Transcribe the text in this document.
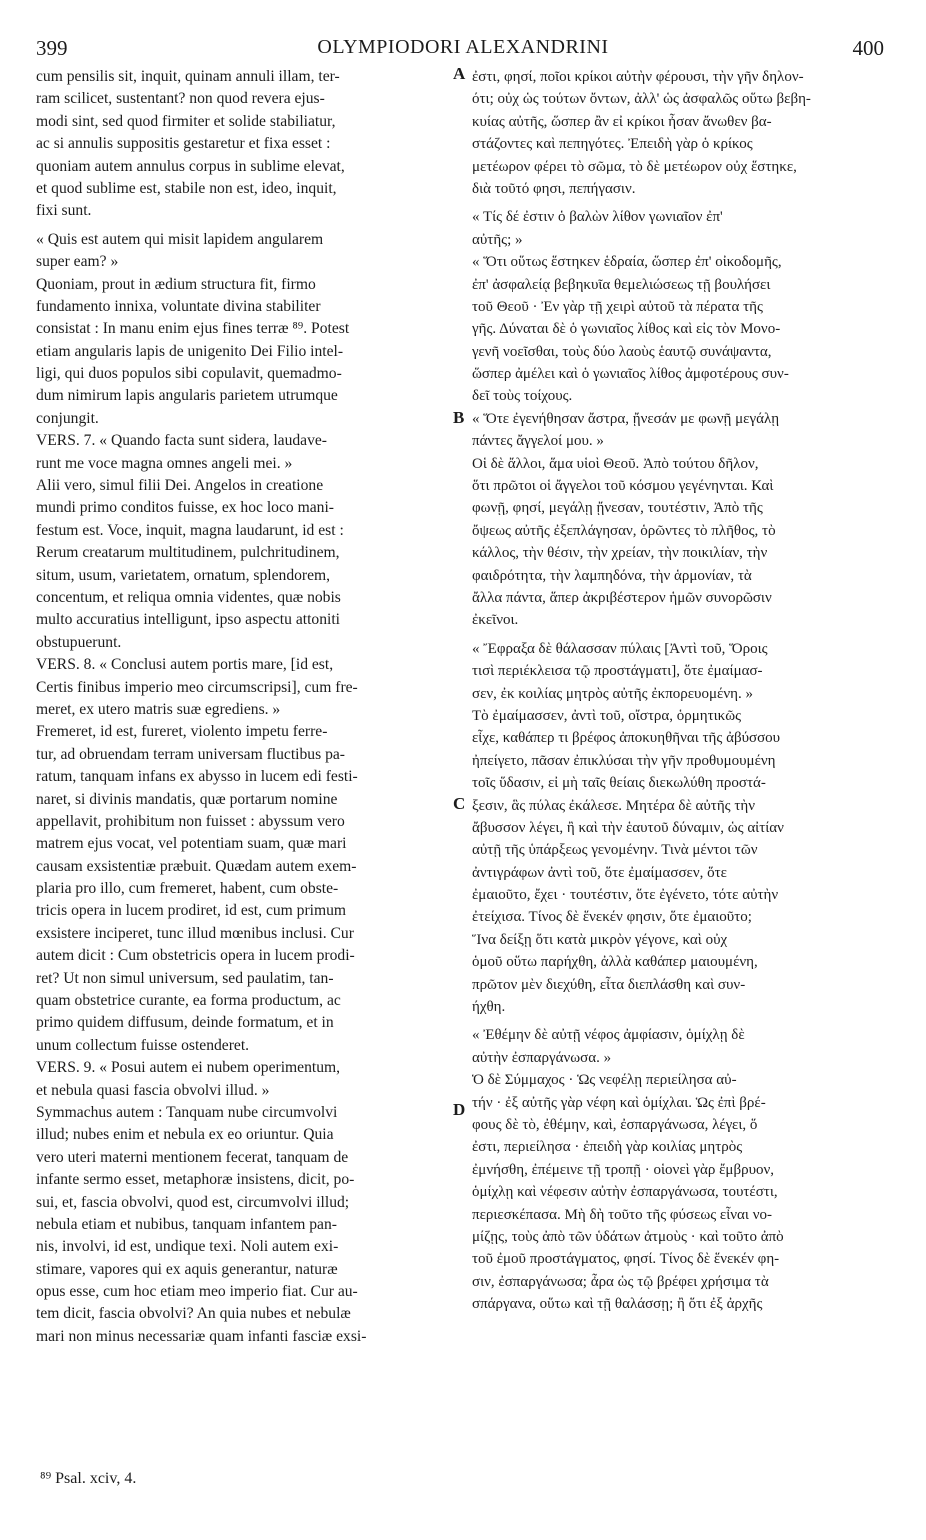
399	OLYMPIODORI ALEXANDRINI	400
cum pensilis sit, inquit, quinam annuli illam, ter-
ram scilicet, sustentant? non quod revera ejus-
modi sint, sed quod firmiter et solide stabiliatur,
ac si annulis suppositis gestaretur et fixa esset :
quoniam autem annulus corpus in sublime elevat,
et quod sublime est, stabile non est, ideo, inquit,
fixi sunt.
« Quis est autem qui misit lapidem angularem
super eam? »
Quoniam, prout in ædium structura fit, firmo
fundamento innixa, voluntate divina stabiliter
consistat : In manu enim ejus fines terræ ⁸⁹. Potest
etiam angularis lapis de unigenito Dei Filio intel-
ligi, qui duos populos sibi copulavit, quemadmo-
dum nimirum lapis angularis parietem utrumque
conjungit.
VERS. 7. « Quando facta sunt sidera, laudave-
runt me voce magna omnes angeli mei. »
Alii vero, simul filii Dei. Angelos in creatione
mundi primo conditos fuisse, ex hoc loco mani-
festum est. Voce, inquit, magna laudarunt, id est :
Rerum creatarum multitudinem, pulchritudinem,
situm, usum, varietatem, ornatum, splendorem,
concentum, et reliqua omnia videntes, quæ nobis
multo accuratius intelligunt, ipso aspectu attoniti
obstupuerunt.
VERS. 8. « Conclusi autem portis mare, [id est,
Certis finibus imperio meo circumscripsi], cum fre-
meret, ex utero matris suæ egrediens. »
Fremeret, id est, fureret, violento impetu ferre-
tur, ad obruendam terram universam fluctibus pa-
ratum, tanquam infans ex abysso in lucem edi festi-
naret, si divinis mandatis, quæ portarum nomine
appellavit, prohibitum non fuisset : abyssum vero
matrem ejus vocat, vel potentiam suam, quæ mari
causam exsistentiæ præbuit. Quædam autem exem-
plaria pro illo, cum fremeret, habent, cum obste-
tricis opera in lucem prodiret, id est, cum primum
exsistere inciperet, tunc illud mœnibus inclusi. Cur
autem dicit : Cum obstetricis opera in lucem prodi-
ret? Ut non simul universum, sed paulatim, tan-
quam obstetrice curante, ea forma productum, ac
primo quidem diffusum, deinde formatum, et in
unum collectum fuisse ostenderet.
VERS. 9. « Posui autem ei nubem operimentum,
et nebula quasi fascia obvolvi illud. »
Symmachus autem : Tanquam nube circumvolvi
illud; nubes enim et nebula ex eo oriuntur. Quia
vero uteri materni mentionem fecerat, tanquam de
infante sermo esset, metaphoræ insistens, dicit, po-
sui, et, fascia obvolvi, quod est, circumvolvi illud;
nebula etiam et nubibus, tanquam infantem pan-
nis, involvi, id est, undique texi. Noli autem exi-
stimare, vapores qui ex aquis generantur, naturæ
opus esse, cum hoc etiam meo imperio fiat. Cur au-
tem dicit, fascia obvolvi? An quia nubes et nebulæ
mari non minus necessariæ quam infanti fasciæ exsi-
ἐστι, φησί, ποῖοι κρίκοι αὐτὴν φέρουσι, τὴν γῆν δηλον-
ότι; οὐχ ὡς τούτων ὄντων, ἀλλ' ὡς ἀσφαλῶς οὕτω βεβη-
κυίας αὐτῆς, ὥσπερ ἂν εἰ κρίκοι ἦσαν ἄνωθεν βα-
στάζοντες καὶ πεπηγότες. Ἐπειδὴ γὰρ ὁ κρίκος
μετέωρον φέρει τὸ σῶμα, τὸ δὲ μετέωρον οὐχ ἕστηκε,
διὰ τοῦτό φησι, πεπήγασιν.
« Τίς δέ ἐστιν ὁ βαλὼν λίθον γωνιαῖον ἐπ'
αὐτῆς; »
« Ὅτι οὕτως ἕστηκεν ἑδραία, ὥσπερ ἐπ' οἰκοδομῆς,
ἐπ' ἀσφαλείᾳ βεβηκυῖα θεμελιώσεως τῇ βουλήσει
τοῦ Θεοῦ · Ἐν γὰρ τῇ χειρὶ αὐτοῦ τὰ πέρατα τῆς
γῆς. Δύναται δὲ ὁ γωνιαῖος λίθος καὶ εἰς τὸν Μονο-
γενῆ νοεῖσθαι, τοὺς δύο λαοὺς ἑαυτῷ συνάψαντα,
ὥσπερ ἀμέλει καὶ ὁ γωνιαῖος λίθος ἀμφοτέρους συν-
δεῖ τοὺς τοίχους.
« Ὅτε ἐγενήθησαν ἄστρα, ᾔνεσάν με φωνῇ μεγάλῃ
πάντες ἄγγελοί μου. »
Οἱ δὲ ἄλλοι, ἅμα υἱοὶ Θεοῦ. Ἀπὸ τούτου δῆλον,
ὅτι πρῶτοι οἱ ἄγγελοι τοῦ κόσμου γεγένηνται. Καὶ
φωνῇ, φησί, μεγάλῃ ᾔνεσαν, τουτέστιν, Ἀπὸ τῆς
ὄψεως αὐτῆς ἐξεπλάγησαν, ὁρῶντες τὸ πλῆθος, τὸ
κάλλος, τὴν θέσιν, τὴν χρείαν, τὴν ποικιλίαν, τὴν
φαιδρότητα, τὴν λαμπηδόνα, τὴν ἁρμονίαν, τὰ
ἄλλα πάντα, ἅπερ ἀκριβέστερον ἡμῶν συνορῶσιν
ἐκεῖνοι.
« Ἔφραξα δὲ θάλασσαν πύλαις [Ἀντὶ τοῦ, Ὅροις
τισὶ περιέκλεισα τῷ προστάγματι], ὅτε ἐμαίμασ-
σεν, ἐκ κοιλίας μητρὸς αὐτῆς ἐκπορευομένη. »
Τὸ ἐμαίμασσεν, ἀντὶ τοῦ, οἴστρα, ὁρμητικῶς
εἶχε, καθάπερ τι βρέφος ἀποκυηθῆναι τῆς ἀβύσσου
ἠπείγετο, πᾶσαν ἐπικλύσαι τὴν γῆν προθυμουμένη
τοῖς ὕδασιν, εἰ μὴ ταῖς θείαις διεκωλύθη προστά-
ξεσιν, ἃς πύλας ἐκάλεσε. Μητέρα δὲ αὐτῆς τὴν
ἄβυσσον λέγει, ἢ καὶ τὴν ἑαυτοῦ δύναμιν, ὡς αἰτίαν
αὐτῇ τῆς ὑπάρξεως γενομένην. Τινὰ μέντοι τῶν
ἀντιγράφων ἀντὶ τοῦ, ὅτε ἐμαίμασσεν, ὅτε
ἐμαιοῦτο, ἔχει · τουτέστιν, ὅτε ἐγένετο, τότε αὐτὴν
ἐτείχισα. Τίνος δὲ ἕνεκέν φησιν, ὅτε ἐμαιοῦτο;
Ἵνα δείξῃ ὅτι κατὰ μικρὸν γέγονε, καὶ οὐχ
ὁμοῦ οὕτω παρήχθη, ἀλλὰ καθάπερ μαιουμένη,
πρῶτον μὲν διεχύθη, εἶτα διεπλάσθη καὶ συν-
ήχθη.
« Ἐθέμην δὲ αὐτῇ νέφος ἀμφίασιν, ὁμίχλῃ δὲ
αὐτὴν ἐσπαργάνωσα. »
Ὁ δὲ Σύμμαχος · Ὡς νεφέλῃ περιείλησα αὐ-
τήν · ἐξ αὐτῆς γὰρ νέφη καὶ ὁμίχλαι. Ὡς ἐπὶ βρέ-
φους δὲ τὸ, ἐθέμην, καὶ, ἐσπαργάνωσα, λέγει, ὅ
ἐστι, περιείλησα · ἐπειδὴ γὰρ κοιλίας μητρὸς
ἐμνήσθη, ἐπέμεινε τῇ τροπῇ · οἱονεὶ γὰρ ἔμβρυον,
ὁμίχλῃ καὶ νέφεσιν αὐτὴν ἐσπαργάνωσα, τουτέστι,
περιεσκέπασα. Μὴ δὴ τοῦτο τῆς φύσεως εἶναι νο-
μίζῃς, τοὺς ἀπὸ τῶν ὑδάτων ἀτμοὺς · καὶ τοῦτο ἀπὸ
τοῦ ἐμοῦ προστάγματος, φησί. Τίνος δὲ ἕνεκέν φη-
σιν, ἐσπαργάνωσα; ἆρα ὡς τῷ βρέφει χρήσιμα τὰ
σπάργανα, οὕτω καὶ τῇ θαλάσσῃ; ἢ ὅτι ἐξ ἀρχῆς
A
B
C
D
⁸⁹ Psal. xciv, 4.
